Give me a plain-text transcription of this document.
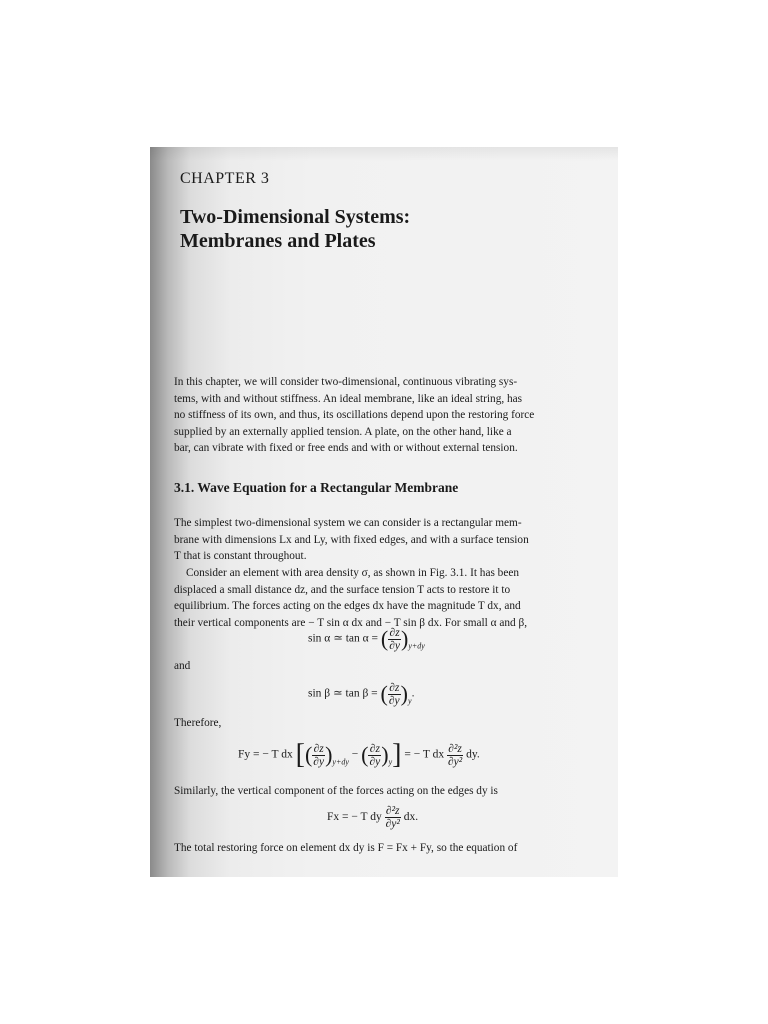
CHAPTER 3
Two-Dimensional Systems:
Membranes and Plates
In this chapter, we will consider two-dimensional, continuous vibrating sys-
tems, with and without stiffness. An ideal membrane, like an ideal string, has
no stiffness of its own, and thus, its oscillations depend upon the restoring force
supplied by an externally applied tension. A plate, on the other hand, like a
bar, can vibrate with fixed or free ends and with or without external tension.
3.1. Wave Equation for a Rectangular Membrane
The simplest two-dimensional system we can consider is a rectangular mem-
brane with dimensions Lx and Ly, with fixed edges, and with a surface tension
T that is constant throughout.
Consider an element with area density σ, as shown in Fig. 3.1. It has been
displaced a small distance dz, and the surface tension T acts to restore it to
equilibrium. The forces acting on the edges dx have the magnitude T dx, and
their vertical components are − T sin α dx and − T sin β dx. For small α and β,
sin α ≃ tan α = ( $\frac{\partial z}{\partial y} )_{y+dy}$
and
sin β ≃ tan β = ( $\frac{\partial z}{\partial y} )_y$.
Therefore,
Fy = − T dx [( $\frac{\partial z}{\partial y} )_{y+dy}$ − ( $\frac{\partial z}{\partial y} )_y$] = − T dx $\frac{\text{∂²z}}{\text{∂y²}}$ dy.
Similarly, the vertical component of the forces acting on the edges dy is
Fx = − T dy $\frac{\text{∂²z}}{\text{∂y²}}$ dx.
The total restoring force on element dx dy is F = Fx + Fy, so the equation of
